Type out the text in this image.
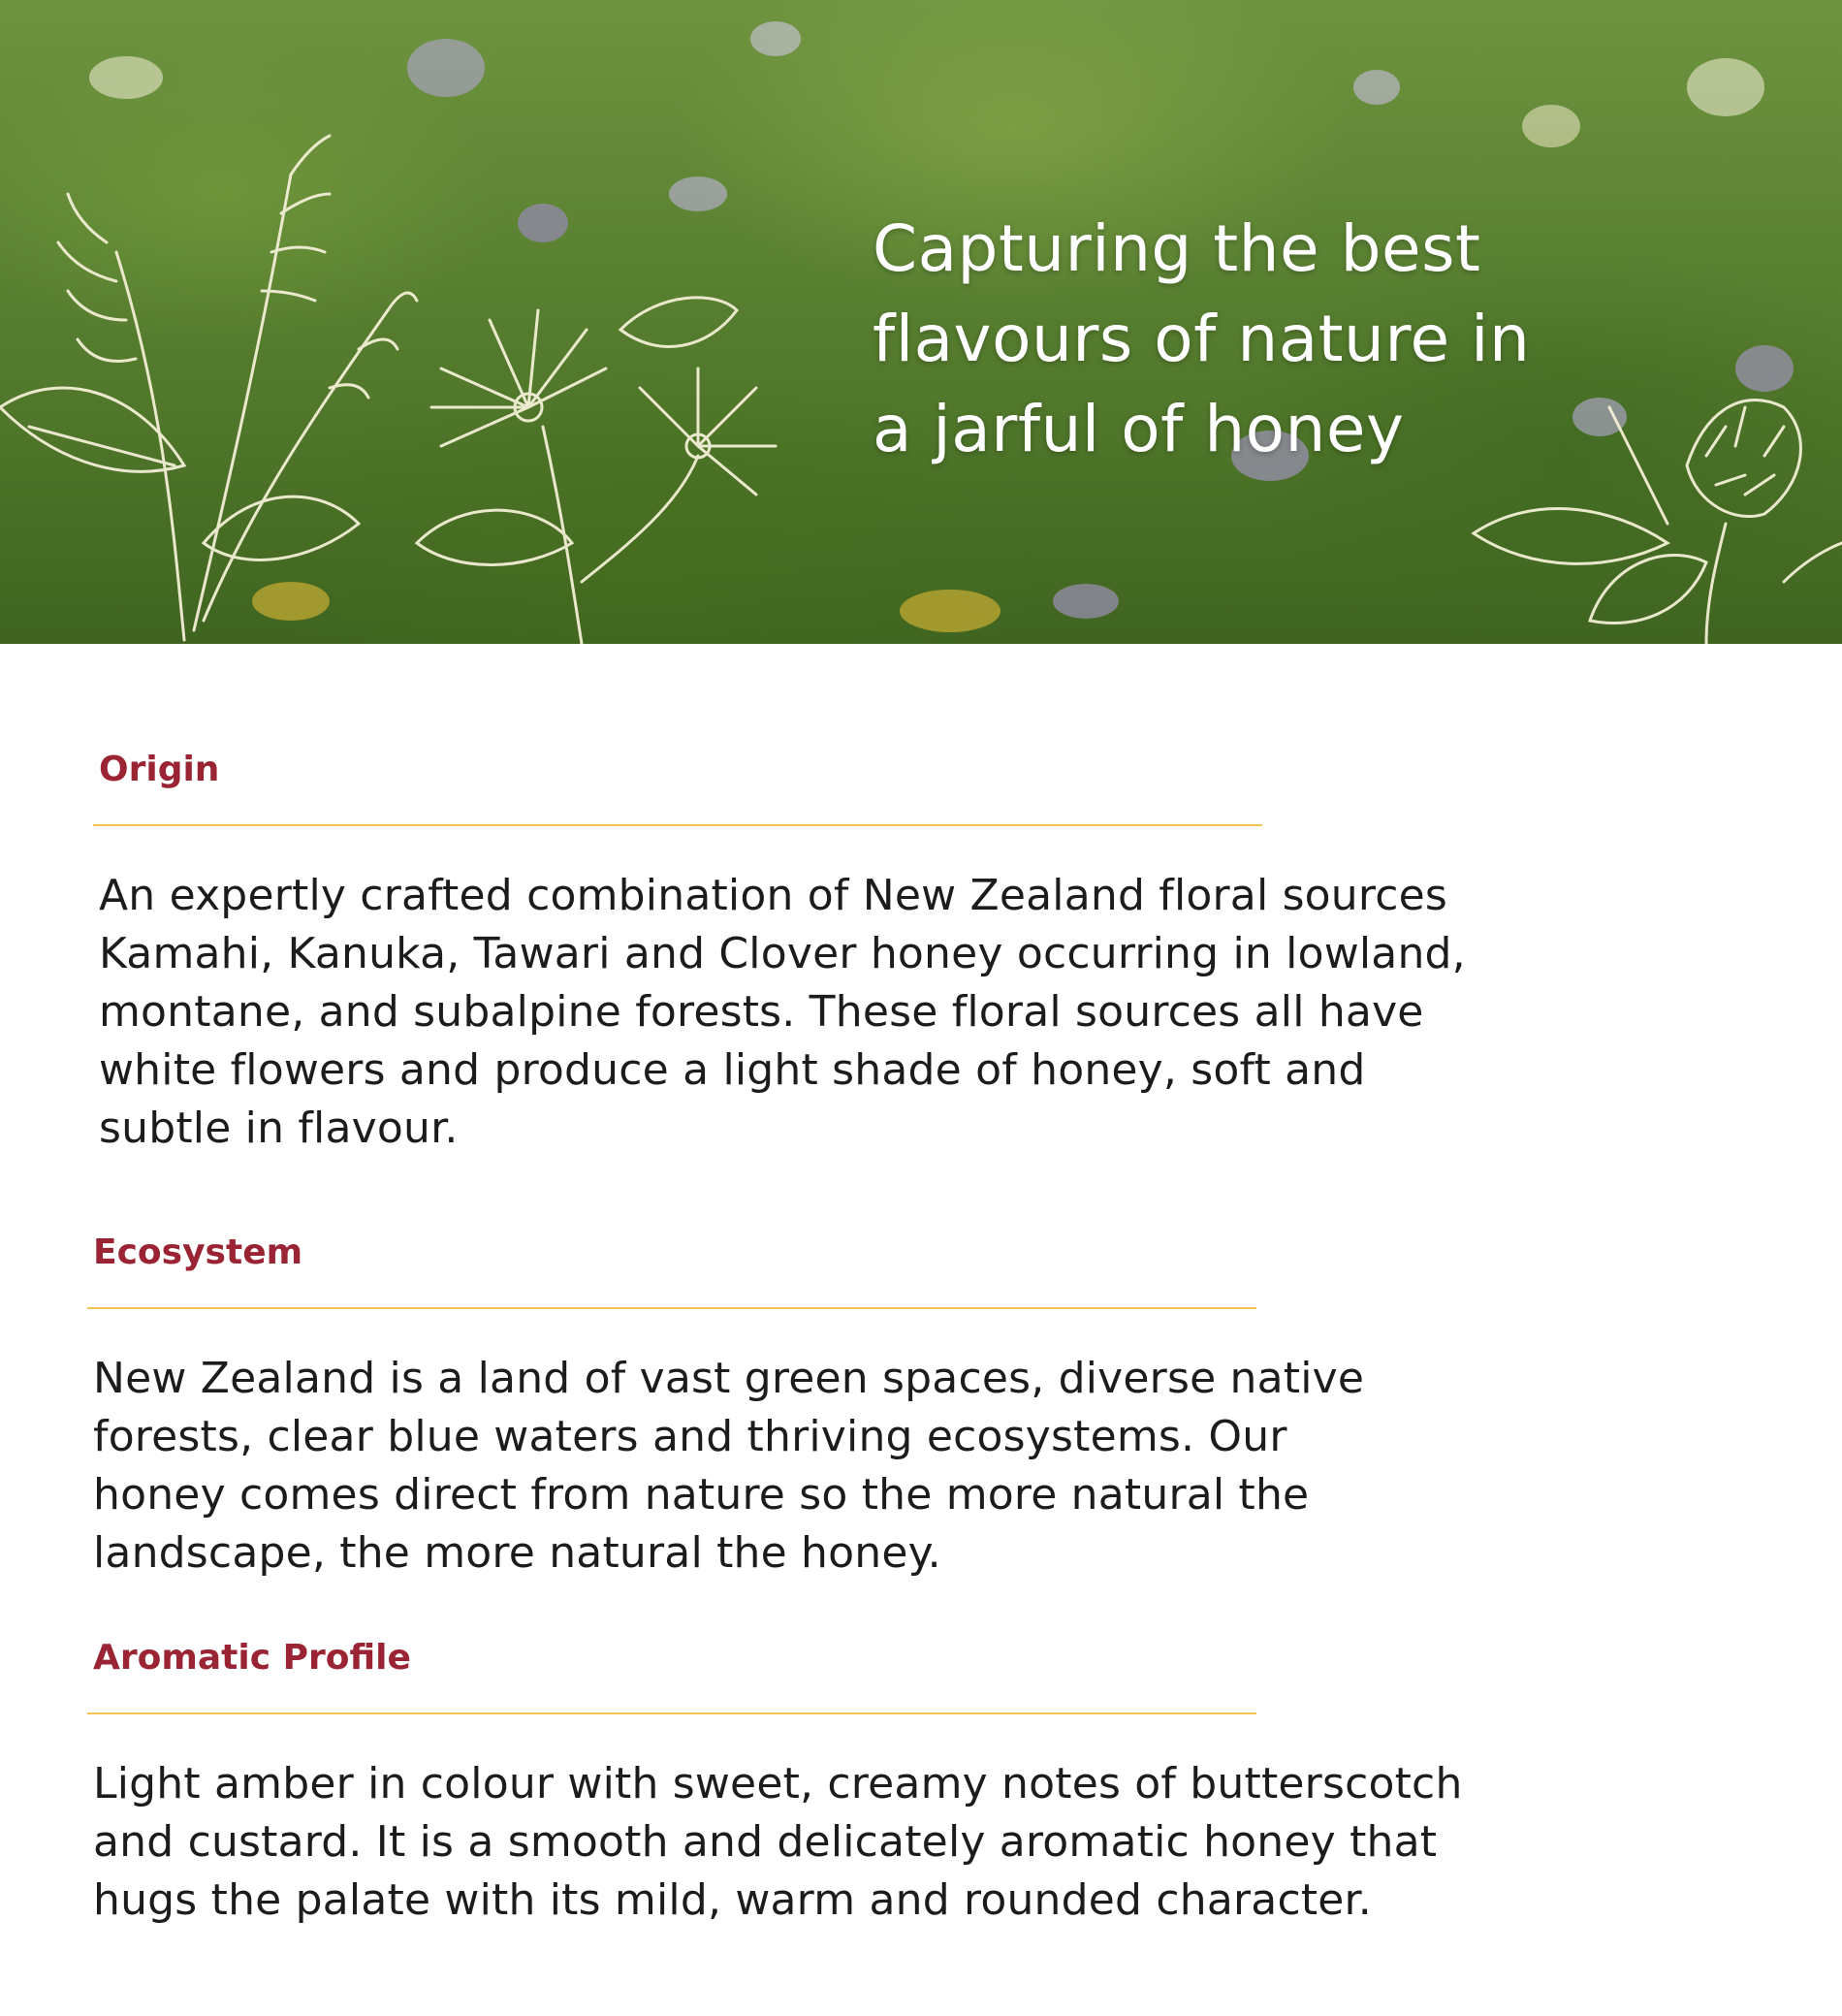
Capturing the best
flavours of nature in
a jarful of honey
Origin

An expertly crafted combination of New Zealand floral sources
Kamahi, Kanuka, Tawari and Clover honey occurring in lowland,
montane, and subalpine forests. These floral sources all have
white flowers and produce a light shade of honey, soft and
subtle in flavour.

Ecosystem

New Zealand is a land of vast green spaces, diverse native
forests, clear blue waters and thriving ecosystems. Our
honey comes direct from nature so the more natural the
landscape, the more natural the honey.

Aromatic Profile

Light amber in colour with sweet, creamy notes of butterscotch
and custard. It is a smooth and delicately aromatic honey that
hugs the palate with its mild, warm and rounded character.
